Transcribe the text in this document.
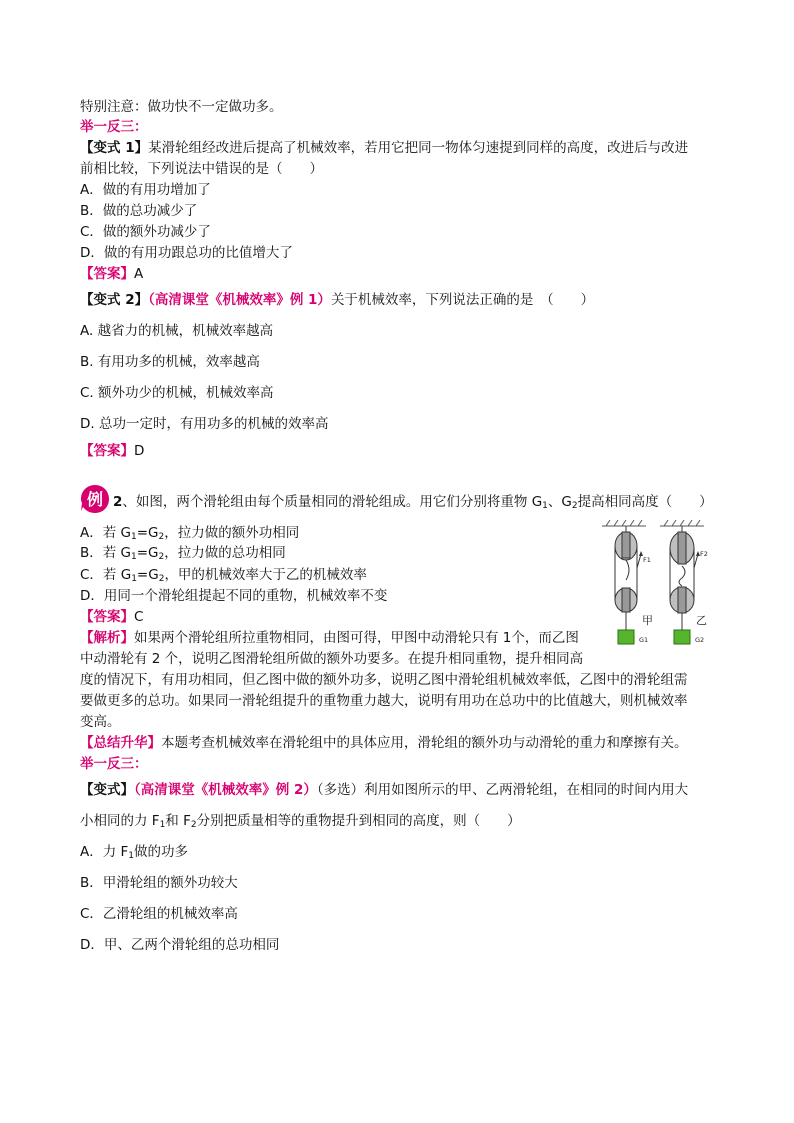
特别注意：做功快不一定做功多。
举一反三：
【变式 1】某滑轮组经改进后提高了机械效率，若用它把同一物体匀速提到同样的高度，改进后与改进
前相比较，下列说法中错误的是（　　）
A．做的有用功增加了
B．做的总功减少了
C．做的额外功减少了
D．做的有用功跟总功的比值增大了
【答案】A
【变式 2】（高清课堂《机械效率》例 1）关于机械效率，下列说法正确的是　（　　）
A. 越省力的机械，机械效率越高
B. 有用功多的机械，效率越高
C. 额外功少的机械，机械效率高
D. 总功一定时，有用功多的机械的效率高
【答案】D
例 2、如图，两个滑轮组由每个质量相同的滑轮组成。用它们分别将重物 $G_1$、$G_2$提高相同高度（　　）
A．若 $G_1=G_2$，拉力做的额外功相同
B．若 $G_1=G_2$，拉力做的总功相同
C．若 $G_1=G_2$，甲的机械效率大于乙的机械效率
D．用同一个滑轮组提起不同的重物，机械效率不变
【答案】C
【解析】如果两个滑轮组所拉重物相同，由图可得，甲图中动滑轮只有 1个，而乙图
中动滑轮有 2 个，说明乙图滑轮组所做的额外功要多。在提升相同重物，提升相同高
度的情况下，有用功相同，但乙图中做的额外功多，说明乙图中滑轮组机械效率低，乙图中的滑轮组需
要做更多的总功。如果同一滑轮组提升的重物重力越大，说明有用功在总功中的比值越大，则机械效率
变高。
【总结升华】本题考查机械效率在滑轮组中的具体应用，滑轮组的额外功与动滑轮的重力和摩擦有关。
F1
甲
G1
F2
乙
G2
举一反三：
【变式】（高清课堂《机械效率》例 2）（多选）利用如图所示的甲、乙两滑轮组，在相同的时间内用大
小相同的力 $F_1$和 $F_2$分别把质量相等的重物提升到相同的高度，则（　　）
A．力 $F_1$做的功多
B．甲滑轮组的额外功较大
C．乙滑轮组的机械效率高
D．甲、乙两个滑轮组的总功相同
